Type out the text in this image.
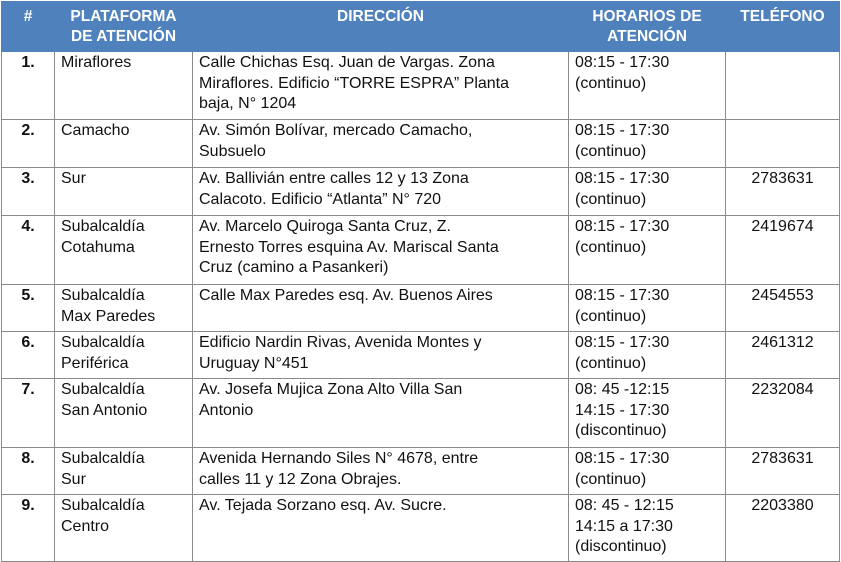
#	PLATAFORMA
DE ATENCIÓN	DIRECCIÓN	HORARIOS DE
ATENCIÓN	TELÉFONO
1.	Miraflores	Calle Chichas Esq. Juan de Vargas. Zona
Miraflores. Edificio “TORRE ESPRA” Planta
baja, N° 1204	08:15 - 17:30
(continuo)	

2.	Camacho	Av. Simón Bolívar, mercado Camacho,
Subsuelo	08:15 - 17:30
(continuo)	

3.	Sur	Av. Ballivián entre calles 12 y 13 Zona
Calacoto. Edificio “Atlanta” N° 720	08:15 - 17:30
(continuo)	2783631
4.	Subalcaldía
Cotahuma	Av. Marcelo Quiroga Santa Cruz, Z.
Ernesto Torres esquina Av. Mariscal Santa
Cruz (camino a Pasankeri)	08:15 - 17:30
(continuo)	2419674
5.	Subalcaldía
Max Paredes	Calle Max Paredes esq. Av. Buenos Aires	08:15 - 17:30
(continuo)	2454553
6.	Subalcaldía
Periférica	Edificio Nardin Rivas, Avenida Montes y
Uruguay N°451	08:15 - 17:30
(continuo)	2461312
7.	Subalcaldía
San Antonio	Av. Josefa Mujica Zona Alto Villa San
Antonio	08: 45 -12:15
14:15 - 17:30
(discontinuo)	2232084
8.	Subalcaldía
Sur	Avenida Hernando Siles N° 4678, entre
calles 11 y 12 Zona Obrajes.	08:15 - 17:30
(continuo)	2783631
9.	Subalcaldía
Centro	Av. Tejada Sorzano esq. Av. Sucre.	08: 45 - 12:15
14:15 a 17:30
(discontinuo)	2203380
